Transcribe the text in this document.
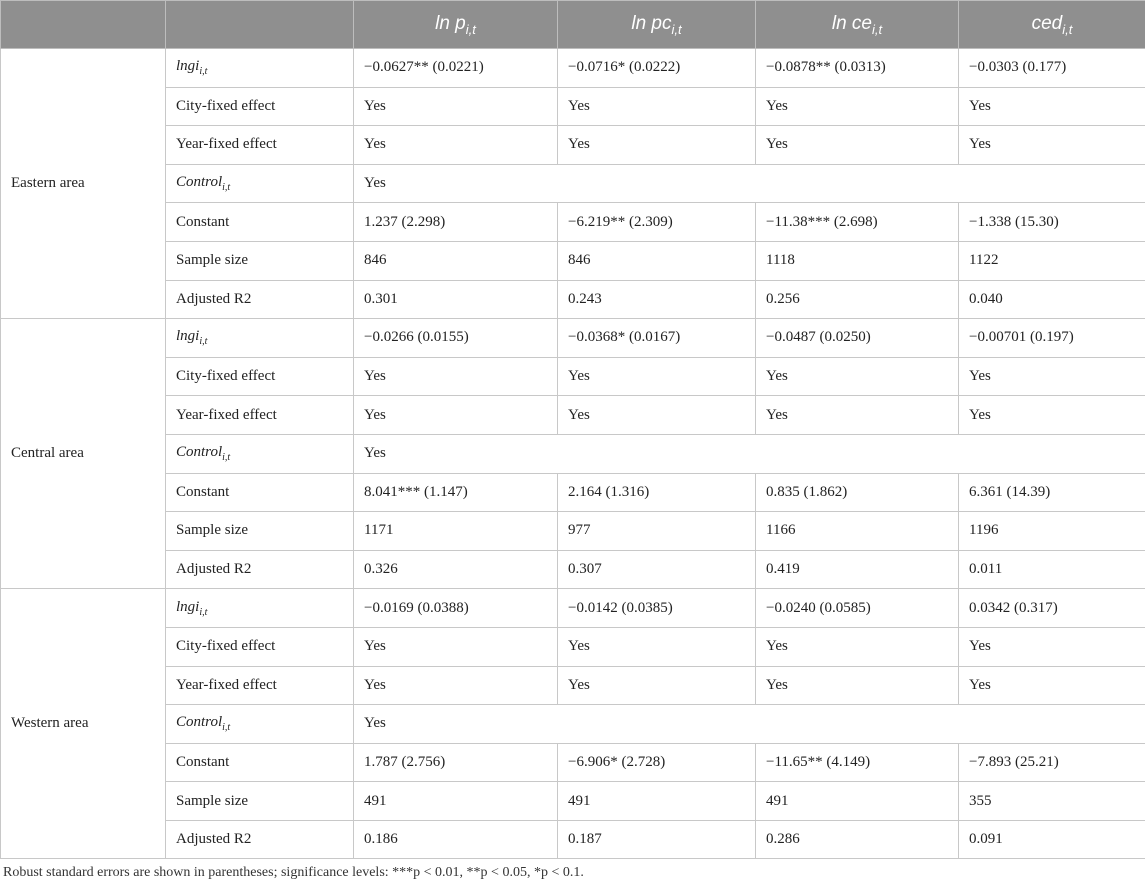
		$\ln p_{i,t}$	$\ln pc_{i,t}$	$\ln ce_{i,t}$	ced$_{i,t}$
Eastern area	lngi$_{i,t}$	−0.0627** (0.0221)	−0.0716* (0.0222)	−0.0878** (0.0313)	−0.0303 (0.177)
	City-fixed effect	Yes	Yes	Yes	Yes
	Year-fixed effect	Yes	Yes	Yes	Yes
	Control$_{i,t}$	Yes			
	Constant	1.237 (2.298)	−6.219** (2.309)	−11.38*** (2.698)	−1.338 (15.30)
	Sample size	846	846	1118	1122
	Adjusted R2	0.301	0.243	0.256	0.040
Central area	lngi$_{i,t}$	−0.0266 (0.0155)	−0.0368* (0.0167)	−0.0487 (0.0250)	−0.00701 (0.197)
	City-fixed effect	Yes	Yes	Yes	Yes
	Year-fixed effect	Yes	Yes	Yes	Yes
	Control$_{i,t}$	Yes			
	Constant	8.041*** (1.147)	2.164 (1.316)	0.835 (1.862)	6.361 (14.39)
	Sample size	1171	977	1166	1196
	Adjusted R2	0.326	0.307	0.419	0.011
Western area	lngi$_{i,t}$	−0.0169 (0.0388)	−0.0142 (0.0385)	−0.0240 (0.0585)	0.0342 (0.317)
	City-fixed effect	Yes	Yes	Yes	Yes
	Year-fixed effect	Yes	Yes	Yes	Yes
	Control$_{i,t}$	Yes			
	Constant	1.787 (2.756)	−6.906* (2.728)	−11.65** (4.149)	−7.893 (25.21)
	Sample size	491	491	491	355
	Adjusted R2	0.186	0.187	0.286	0.091
Robust standard errors are shown in parentheses; significance levels: ***p < 0.01, **p < 0.05, *p < 0.1.
